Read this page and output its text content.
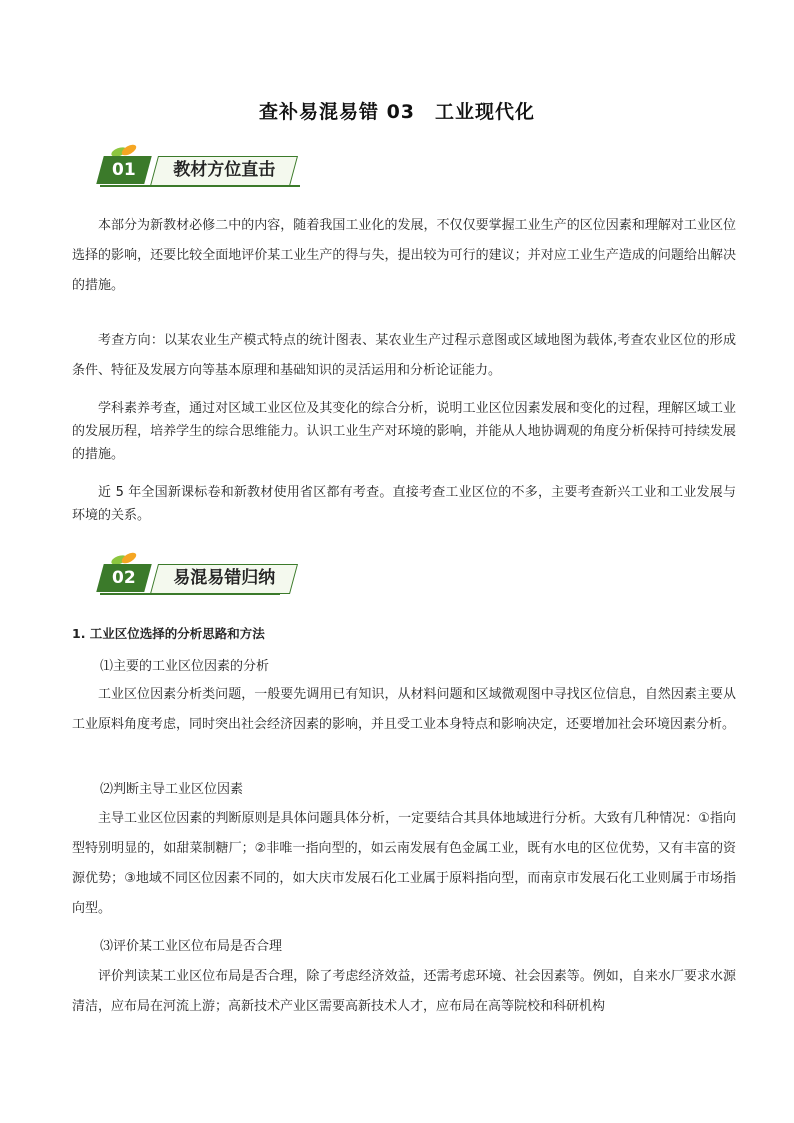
查补易混易错 03　工业现代化
01	教材方位直击

本部分为新教材必修二中的内容，随着我国工业化的发展，不仅仅要掌握工业生产的区位因素和理解对工业区位选择的影响，还要比较全面地评价某工业生产的得与失，提出较为可行的建议；并对应工业生产造成的问题给出解决的措施。

考查方向：以某农业生产模式特点的统计图表、某农业生产过程示意图或区域地图为载体,考查农业区位的形成条件、特征及发展方向等基本原理和基础知识的灵活运用和分析论证能力。

学科素养考查，通过对区域工业区位及其变化的综合分析，说明工业区位因素发展和变化的过程，理解区域工业的发展历程，培养学生的综合思维能力。认识工业生产对环境的影响，并能从人地协调观的角度分析保持可持续发展的措施。

近 5 年全国新课标卷和新教材使用省区都有考查。直接考查工业区位的不多，主要考查新兴工业和工业发展与环境的关系。

02	易混易错归纳

1. 工业区位选择的分析思路和方法

⑴主要的工业区位因素的分析

工业区位因素分析类问题，一般要先调用已有知识，从材料问题和区域微观图中寻找区位信息，自然因素主要从工业原料角度考虑，同时突出社会经济因素的影响，并且受工业本身特点和影响决定，还要增加社会环境因素分析。

⑵判断主导工业区位因素

主导工业区位因素的判断原则是具体问题具体分析，一定要结合其具体地域进行分析。大致有几种情况：①指向型特别明显的，如甜菜制糖厂；②非唯一指向型的，如云南发展有色金属工业，既有水电的区位优势，又有丰富的资源优势；③地域不同区位因素不同的，如大庆市发展石化工业属于原料指向型，而南京市发展石化工业则属于市场指向型。

⑶评价某工业区位布局是否合理

评价判读某工业区位布局是否合理，除了考虑经济效益，还需考虑环境、社会因素等。例如，自来水厂要求水源清洁，应布局在河流上游；高新技术产业区需要高新技术人才，应布局在高等院校和科研机构
